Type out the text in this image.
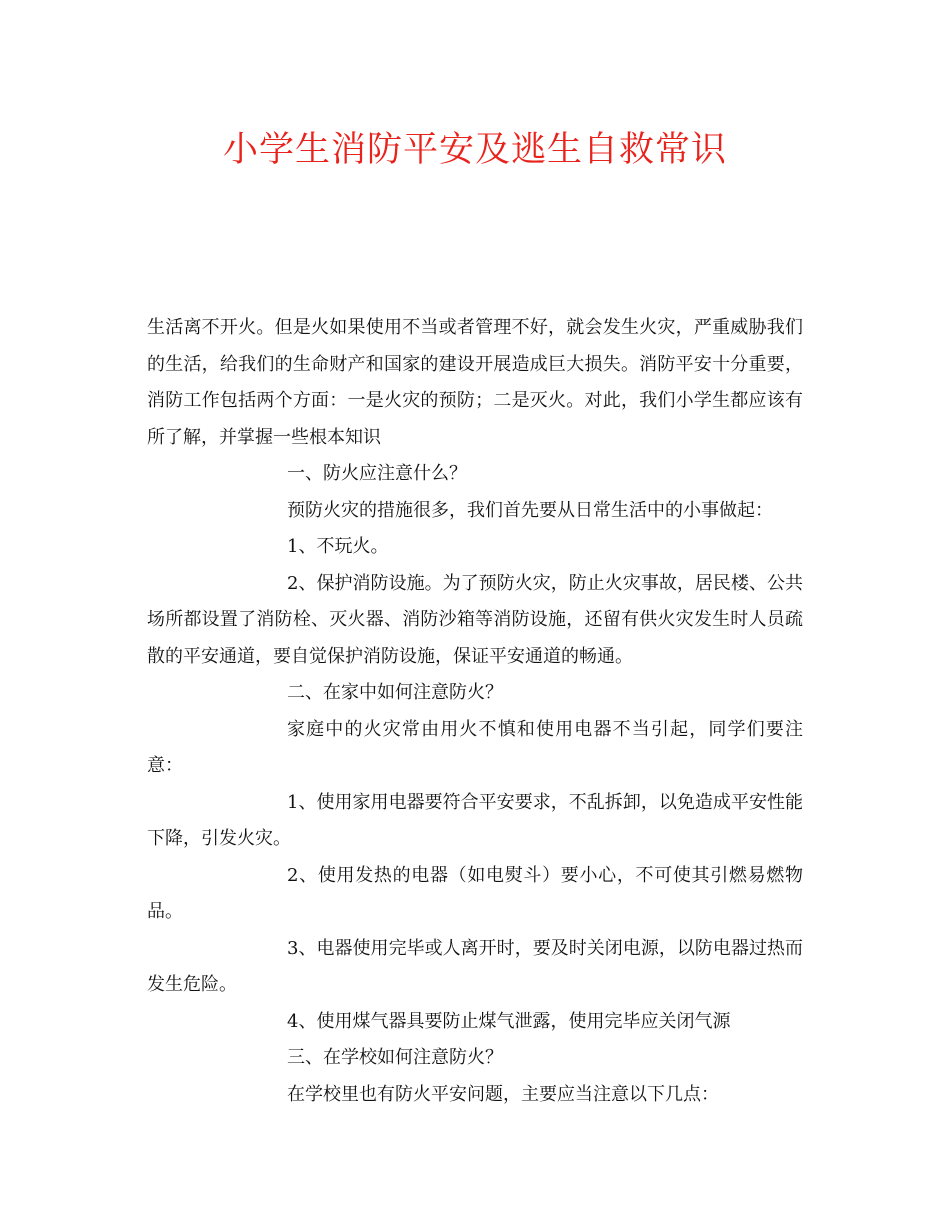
小学生消防平安及逃生自救常识

生活离不开火。但是火如果使用不当或者管理不好，就会发生火灾，严重威胁我们的生活，给我们的生命财产和国家的建设开展造成巨大损失。消防平安十分重要，消防工作包括两个方面：一是火灾的预防；二是灭火。对此，我们小学生都应该有所了解，并掌握一些根本知识

一、防火应注意什么？

预防火灾的措施很多，我们首先要从日常生活中的小事做起：

1、不玩火。

2、保护消防设施。为了预防火灾，防止火灾事故，居民楼、公共场所都设置了消防栓、灭火器、消防沙箱等消防设施，还留有供火灾发生时人员疏散的平安通道，要自觉保护消防设施，保证平安通道的畅通。

二、在家中如何注意防火？

家庭中的火灾常由用火不慎和使用电器不当引起，同学们要注意：

1、使用家用电器要符合平安要求，不乱拆卸，以免造成平安性能下降，引发火灾。

2、使用发热的电器（如电熨斗）要小心，不可使其引燃易燃物品。

3、电器使用完毕或人离开时，要及时关闭电源，以防电器过热而发生危险。

4、使用煤气器具要防止煤气泄露，使用完毕应关闭气源

三、在学校如何注意防火？

在学校里也有防火平安问题，主要应当注意以下几点：
